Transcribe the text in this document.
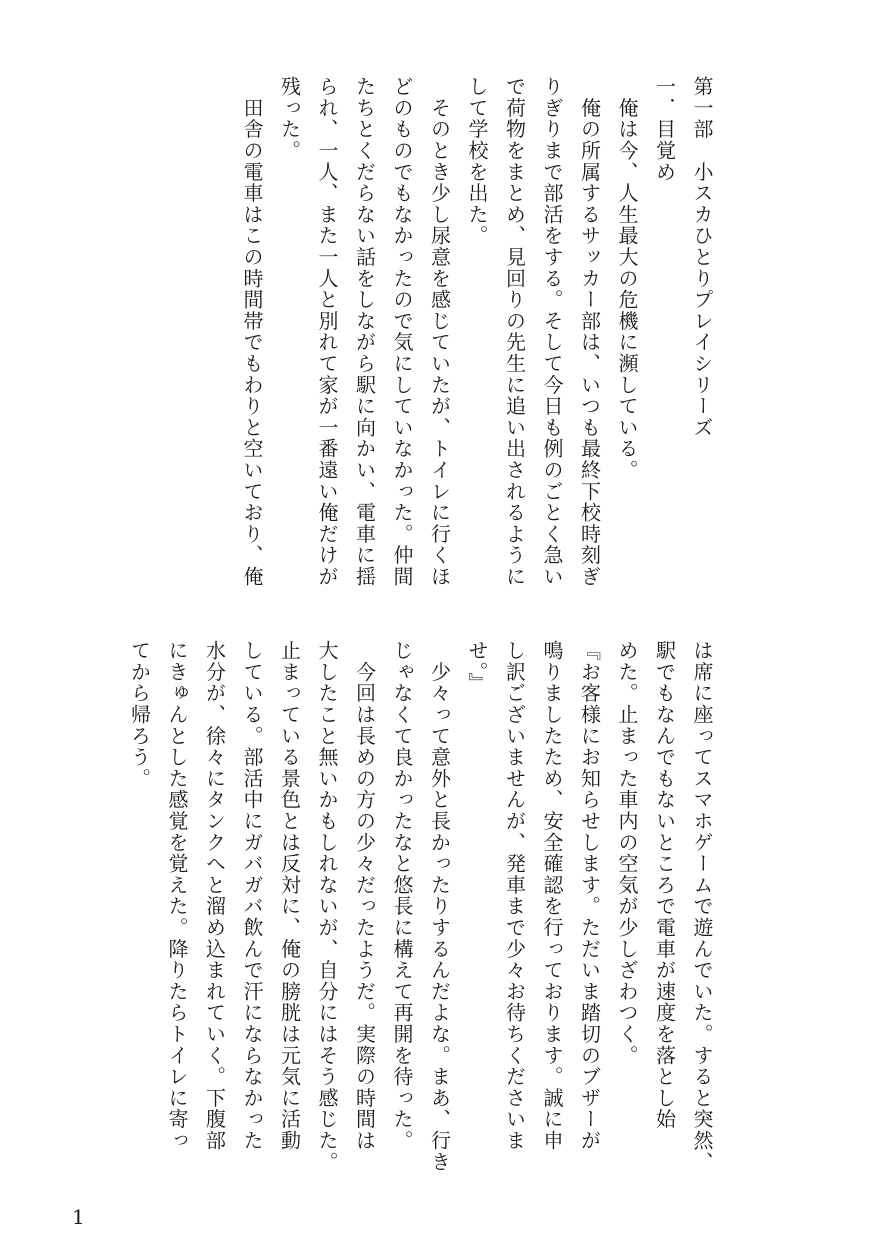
第一部　小スカひとりプレイシリーズ
一．目覚め
　俺は今、人生最大の危機に瀕している。
　俺の所属するサッカー部は、いつも最終下校時刻ぎ
りぎりまで部活をする。そして今日も例のごとく急い
で荷物をまとめ、見回りの先生に追い出されるように
して学校を出た。
　そのとき少し尿意を感じていたが、トイレに行くほ
どのものでもなかったので気にしていなかった。仲間
たちとくだらない話をしながら駅に向かい、電車に揺
られ、一人、また一人と別れて家が一番遠い俺だけが
残った。
　田舎の電車はこの時間帯でもわりと空いており、俺
は席に座ってスマホゲームで遊んでいた。すると突然、
駅でもなんでもないところで電車が速度を落とし始
めた。止まった車内の空気が少しざわつく。
『お客様にお知らせします。ただいま踏切のブザーが
鳴りましたため、安全確認を行っております。誠に申
し訳ございませんが、発車まで少々お待ちくださいま
せ。』
　少々って意外と長かったりするんだよな。まあ、行き
じゃなくて良かったなと悠長に構えて再開を待った。
　今回は長めの方の少々だったようだ。実際の時間は
大したこと無いかもしれないが、自分にはそう感じた。
止まっている景色とは反対に、俺の膀胱は元気に活動
している。部活中にガバガバ飲んで汗にならなかった
水分が、徐々にタンクへと溜め込まれていく。下腹部
にきゅんとした感覚を覚えた。降りたらトイレに寄っ
てから帰ろう。
1
